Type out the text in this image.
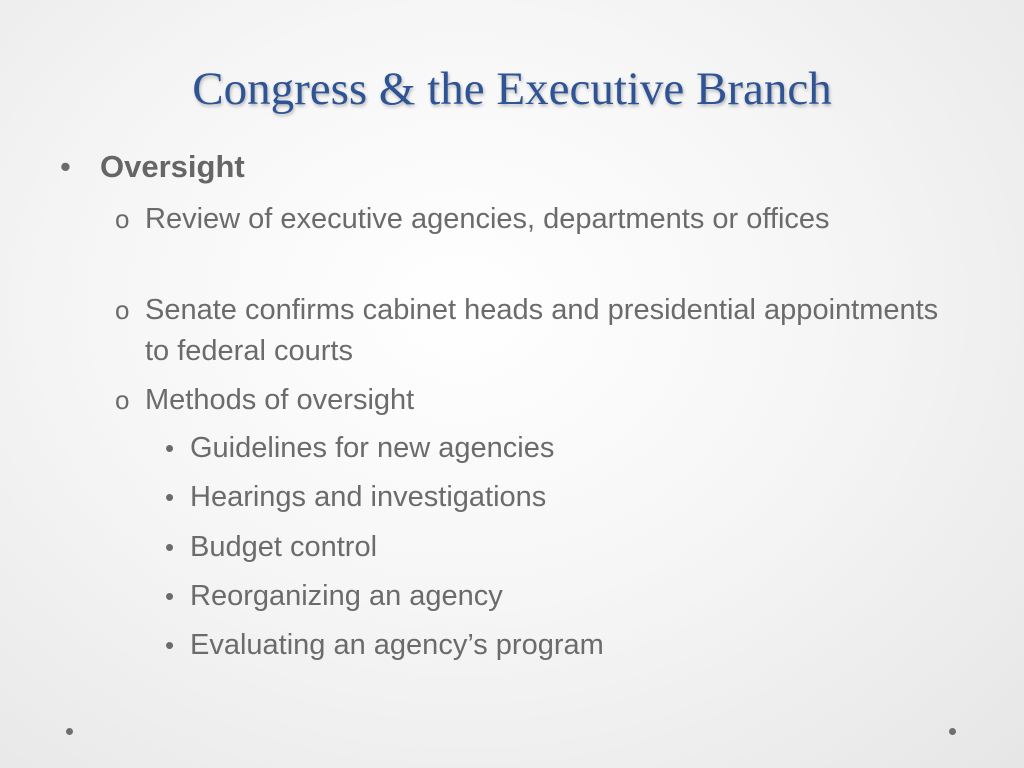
Congress & the Executive Branch
• Oversight
o Review of executive agencies, departments or offices
o Senate confirms cabinet heads and presidential appointments to federal courts
o Methods of oversight
• Guidelines for new agencies
• Hearings and investigations
• Budget control
• Reorganizing an agency
• Evaluating an agency’s program
